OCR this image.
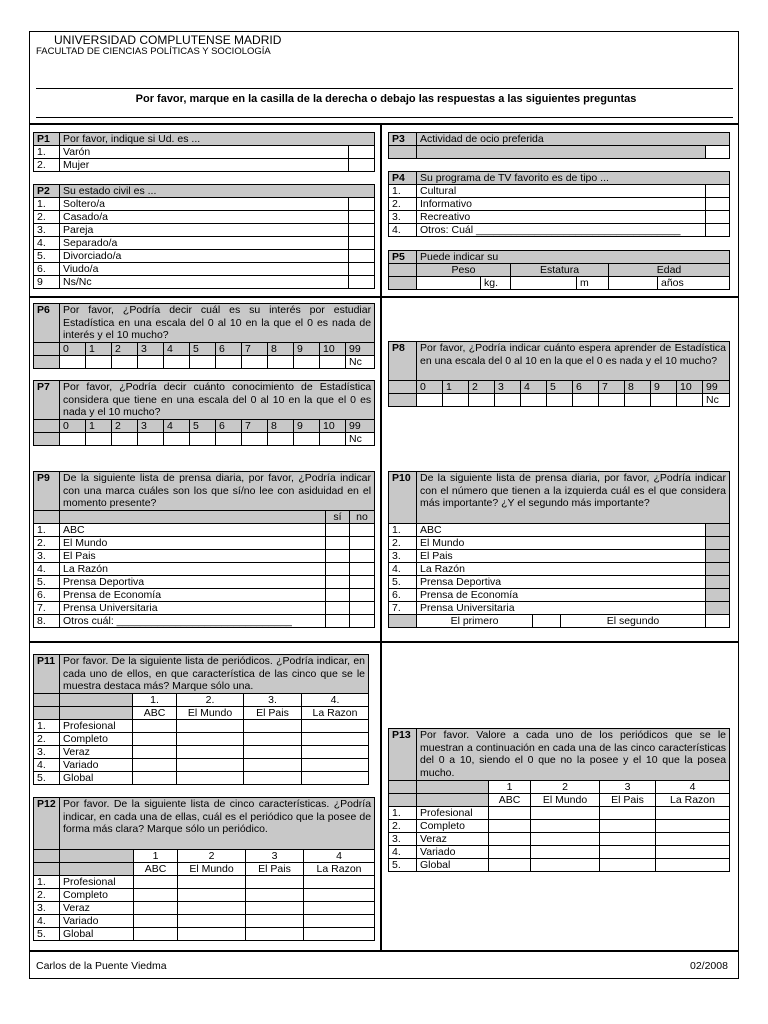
UNIVERSIDAD COMPLUTENSE MADRID
FACULTAD DE CIENCIAS POLÍTICAS Y SOCIOLOGÍA
Por favor, marque en la casilla de la derecha o debajo las respuestas a las siguientes preguntas
P1	Por favor, indique si Ud. es ...	
1.	Varón	
2.	Mujer	
P2	Su estado civil es ...	
1.	Soltero/a	
2.	Casado/a	
3.	Pareja	
4.	Separado/a	
5.	Divorciado/a	
6.	Viudo/a	
9	Ns/Nc	
P3	Actividad de ocio preferida	

P4	Su programa de TV favorito es de tipo ...	
1.	Cultural	
2.	Informativo	
3.	Recreativo	
4.	Otros: Cuál ___________________________________	
P5	Puede indicar su					
	Peso		Estatura		Edad	
		kg.		m		años
P6	Por favor, ¿Podría decir cuál es su interés por estudiar Estadística en una escala del 0 al 10 en la que el 0 es nada de interés y el 10 mucho?											
	0	1	2	3	4	5	6	7	8	9	10	99
												Nc
P7	Por favor, ¿Podría decir cuánto conocimiento de Estadística considera que tiene en una escala del 0 al 10 en la que el 0 es nada y el 10 mucho?											
	0	1	2	3	4	5	6	7	8	9	10	99
												Nc
P8	Por favor, ¿Podría indicar cuánto espera aprender de Estadística en una escala del 0 al 10 en la que el 0 es nada y el 10 mucho?											
	0	1	2	3	4	5	6	7	8	9	10	99
												Nc
P9	De la siguiente lista de prensa diaria, por favor, ¿Podría indicar con una marca cuáles son los que sí/no lee con asiduidad en el momento presente?		
		sí	no
1.	ABC		
2.	El Mundo		
3.	El Pais		
4.	La Razón		
5.	Prensa Deportiva		
6.	Prensa de Economía		
7.	Prensa Universitaria		
8.	Otros cuál: ______________________________		
P10	De la siguiente lista de prensa diaria, por favor, ¿Podría indicar con el número que tienen a la izquierda cuál es el que considera más importante? ¿Y el segundo más importante?			
1.	ABC			
2.	El Mundo			
3.	El Pais			
4.	La Razón			
5.	Prensa Deportiva			
6.	Prensa de Economía			
7.	Prensa Universitaria			
	El primero		El segundo	
P11	Por favor. De la siguiente lista de periódicos. ¿Podría indicar, en cada uno de ellos, en que característica de las cinco que se le muestra destaca más? Marque sólo una.				
		1.	2.	3.	4.
		ABC	El Mundo	El Pais	La Razon
1.	Profesional				
2.	Completo				
3.	Veraz				
4.	Variado				
5.	Global				
P12	Por favor. De la siguiente lista de cinco características. ¿Podría indicar, en cada una de ellas, cuál es el periódico que la posee de forma más clara? Marque sólo un periódico.				
		1	2	3	4
		ABC	El Mundo	El Pais	La Razon
1.	Profesional				
2.	Completo				
3.	Veraz				
4.	Variado				
5.	Global				
P13	Por favor. Valore a cada uno de los periódicos que se le muestran a continuación en cada una de las cinco características del 0 a 10, siendo el 0 que no la posee y el 10 que la posea mucho.				
		1	2	3	4
		ABC	El Mundo	El Pais	La Razon
1.	Profesional				
2.	Completo				
3.	Veraz				
4.	Variado				
5.	Global				
Carlos de la Puente Viedma	02/2008
